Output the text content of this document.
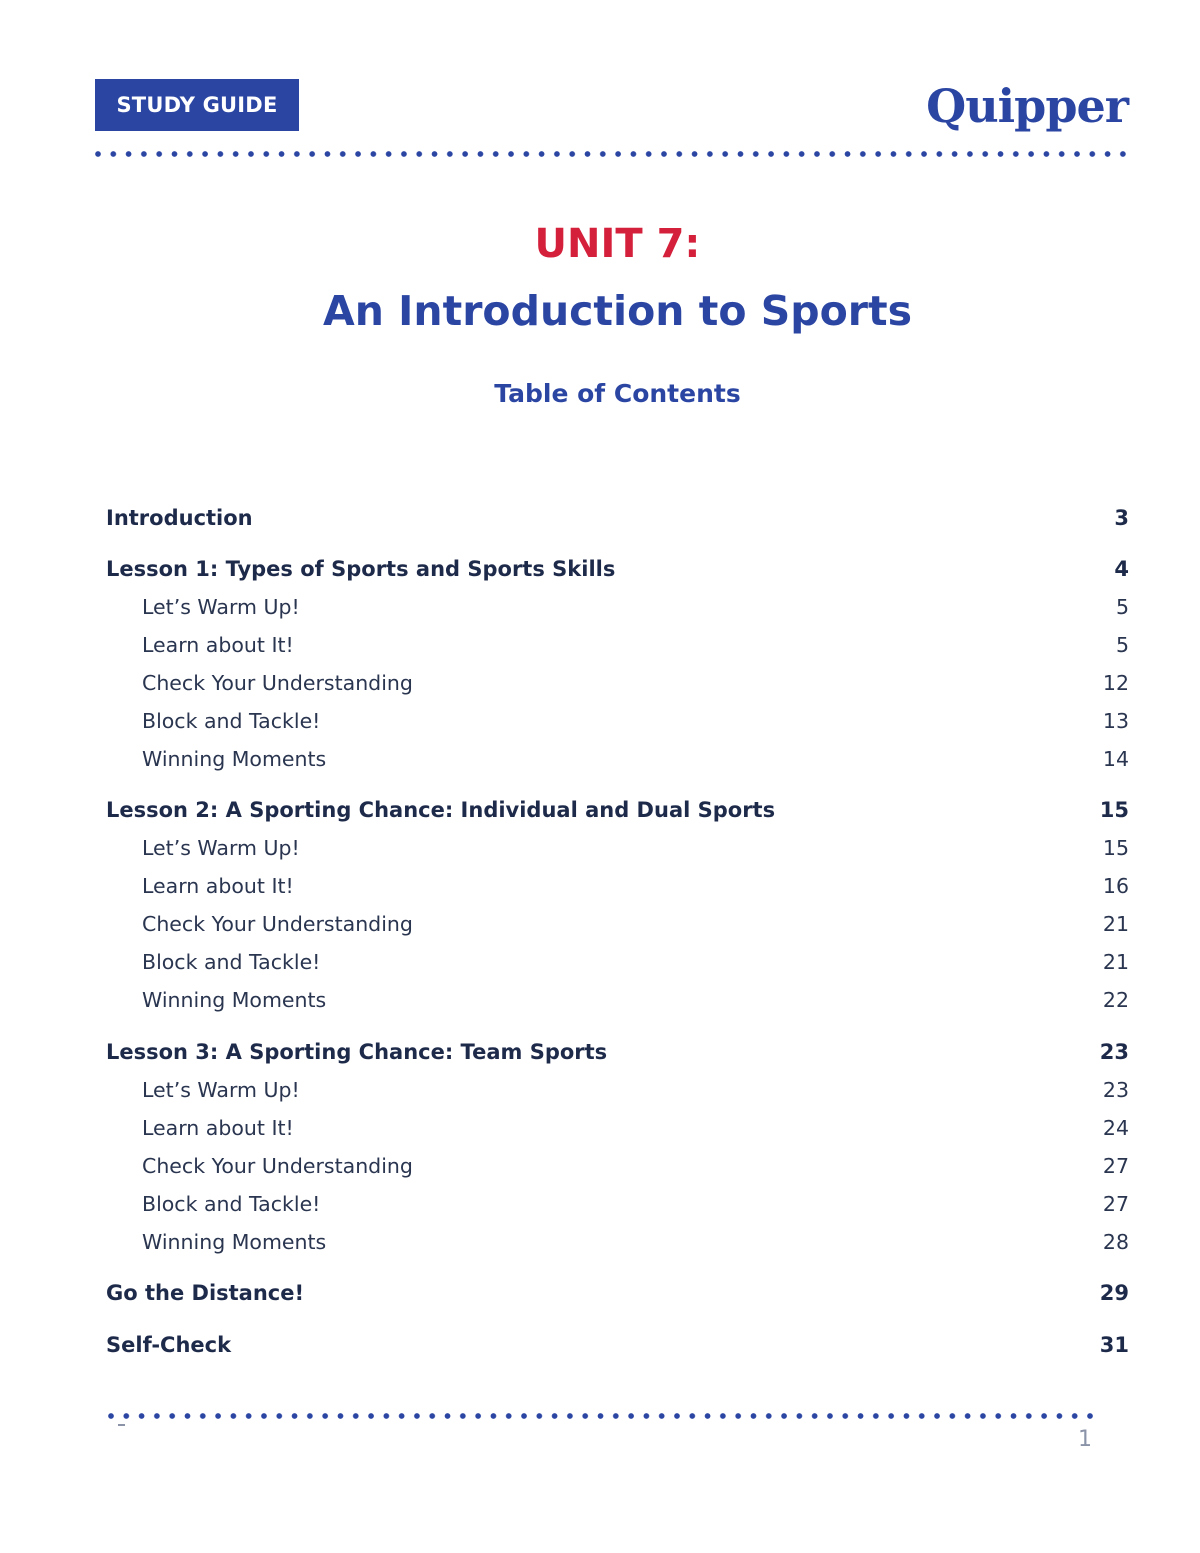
STUDY GUIDE	Quipper
UNIT 7:
An Introduction to Sports
Table of Contents
Introduction	3
Lesson 1: Types of Sports and Sports Skills	4
Let’s Warm Up!	5
Learn about It!	5
Check Your Understanding	12
Block and Tackle!	13
Winning Moments	14
Lesson 2: A Sporting Chance: Individual and Dual Sports	15
Let’s Warm Up!	15
Learn about It!	16
Check Your Understanding	21
Block and Tackle!	21
Winning Moments	22
Lesson 3: A Sporting Chance: Team Sports	23
Let’s Warm Up!	23
Learn about It!	24
Check Your Understanding	27
Block and Tackle!	27
Winning Moments	28
Go the Distance!	29
Self-Check	31
1
